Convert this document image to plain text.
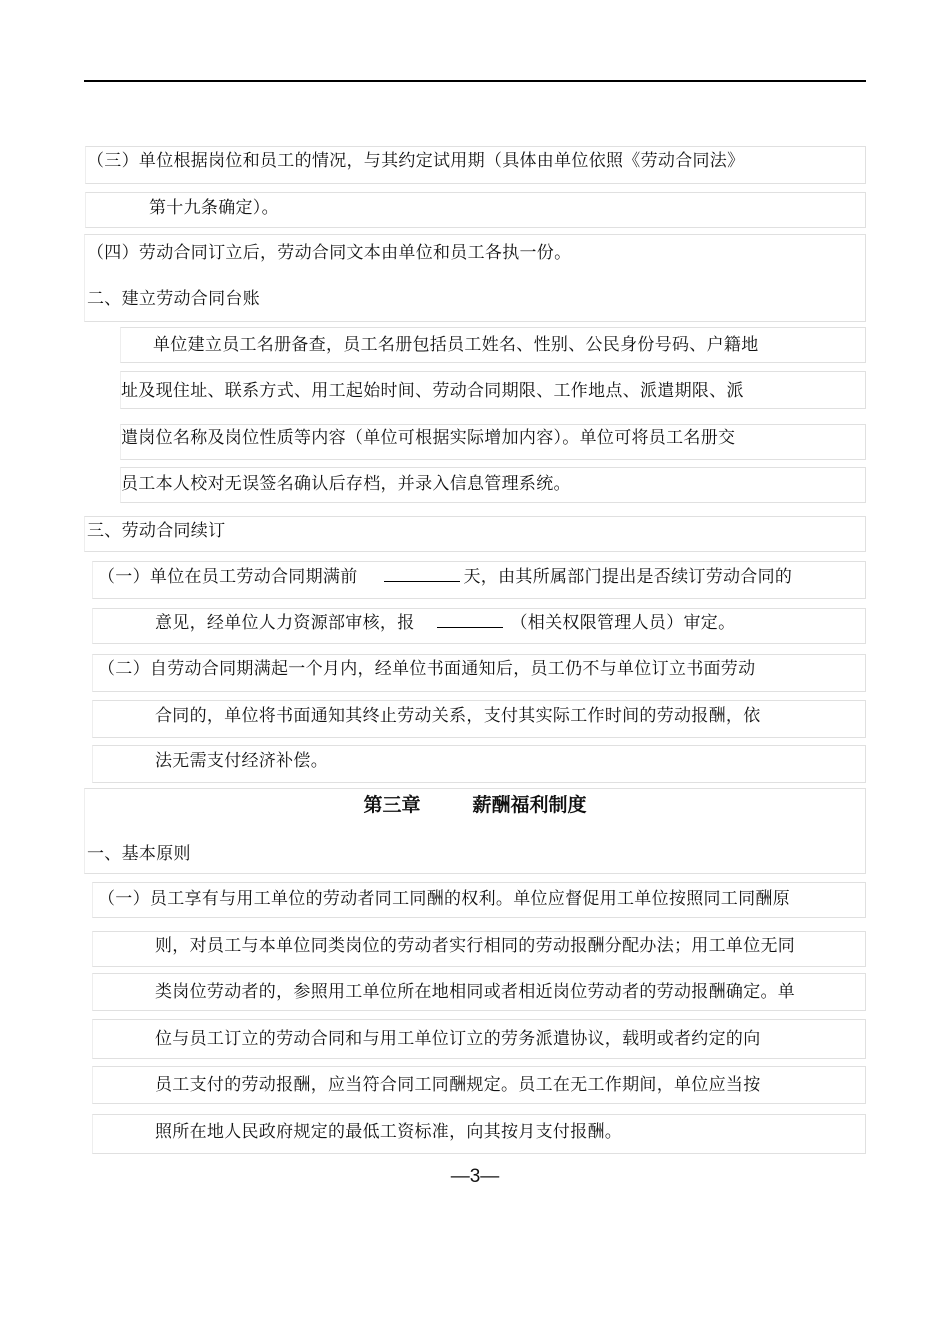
（三）单位根据岗位和员工的情况，与其约定试用期（具体由单位依照《劳动合同法》
第十九条确定）。
（四）劳动合同订立后，劳动合同文本由单位和员工各执一份。
二、建立劳动合同台账
单位建立员工名册备查，员工名册包括员工姓名、性别、公民身份号码、户籍地
址及现住址、联系方式、用工起始时间、劳动合同期限、工作地点、派遣期限、派
遣岗位名称及岗位性质等内容（单位可根据实际增加内容）。单位可将员工名册交
员工本人校对无误签名确认后存档，并录入信息管理系统。
三、劳动合同续订
（一）单位在员工劳动合同期满前	天，由其所属部门提出是否续订劳动合同的
意见，经单位人力资源部审核，报	（相关权限管理人员）审定。
（二）自劳动合同期满起一个月内，经单位书面通知后，员工仍不与单位订立书面劳动
合同的，单位将书面通知其终止劳动关系，支付其实际工作时间的劳动报酬，依
法无需支付经济补偿。
第三章	薪酬福利制度
一、基本原则
（一）员工享有与用工单位的劳动者同工同酬的权利。单位应督促用工单位按照同工同酬原
则，对员工与本单位同类岗位的劳动者实行相同的劳动报酬分配办法；用工单位无同
类岗位劳动者的，参照用工单位所在地相同或者相近岗位劳动者的劳动报酬确定。单
位与员工订立的劳动合同和与用工单位订立的劳务派遣协议，载明或者约定的向
员工支付的劳动报酬，应当符合同工同酬规定。员工在无工作期间，单位应当按
照所在地人民政府规定的最低工资标准，向其按月支付报酬。
—3—
